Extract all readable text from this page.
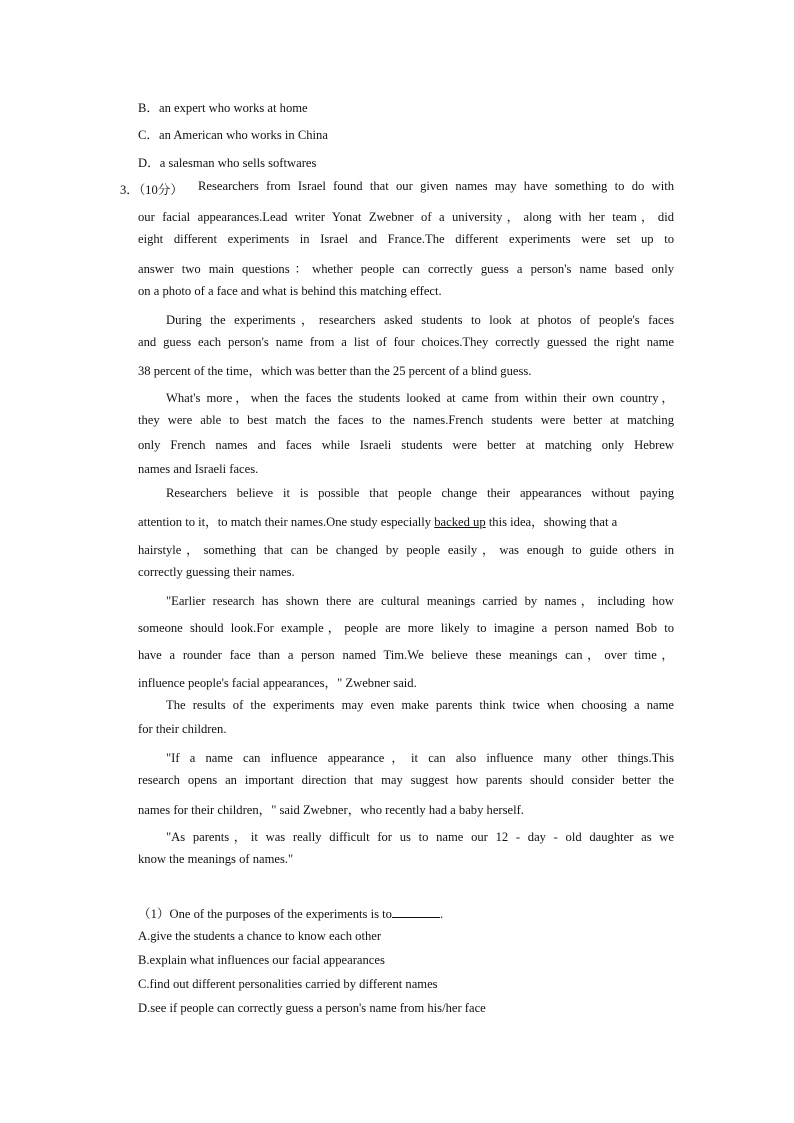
B．an expert who works at home
C．an American who works in China
D．a salesman who sells softwares
3．（10分） Researchers from Israel found that our given names may have something to do with
our facial appearances.Lead writer Yonat Zwebner of a university，along with her team，did
eight different experiments in Israel and France.The different experiments were set up to
answer two main questions：whether people can correctly guess a person's name based only
on a photo of a face and what is behind this matching effect.
During the experiments，researchers asked students to look at photos of people's faces
and guess each person's name from a list of four choices.They correctly guessed the right name
38 percent of the time，which was better than the 25 percent of a blind guess.
What's more，when the faces the students looked at came from within their own country，
they were able to best match the faces to the names.French students were better at matching
only French names and faces while Israeli students were better at matching only Hebrew
names and Israeli faces.
Researchers believe it is possible that people change their appearances without paying
attention to it，to match their names.One study especially backed up this idea，showing that a
hairstyle，something that can be changed by people easily，was enough to guide others in
correctly guessing their names.
"Earlier research has shown there are cultural meanings carried by names，including how
someone should look.For example，people are more likely to imagine a person named Bob to
have a rounder face than a person named Tim.We believe these meanings can，over time，
influence people's facial appearances，" Zwebner said.
The results of the experiments may even make parents think twice when choosing a name
for their children.
"If a name can influence appearance，it can also influence many other things.This
research opens an important direction that may suggest how parents should consider better the
names for their children，" said Zwebner，who recently had a baby herself.
"As parents，it was really difficult for us to name our 12 - day - old daughter as we
know the meanings of names."
（1）One of the purposes of the experiments is to	.
A.give the students a chance to know each other
B.explain what influences our facial appearances
C.find out different personalities carried by different names
D.see if people can correctly guess a person's name from his/her face
